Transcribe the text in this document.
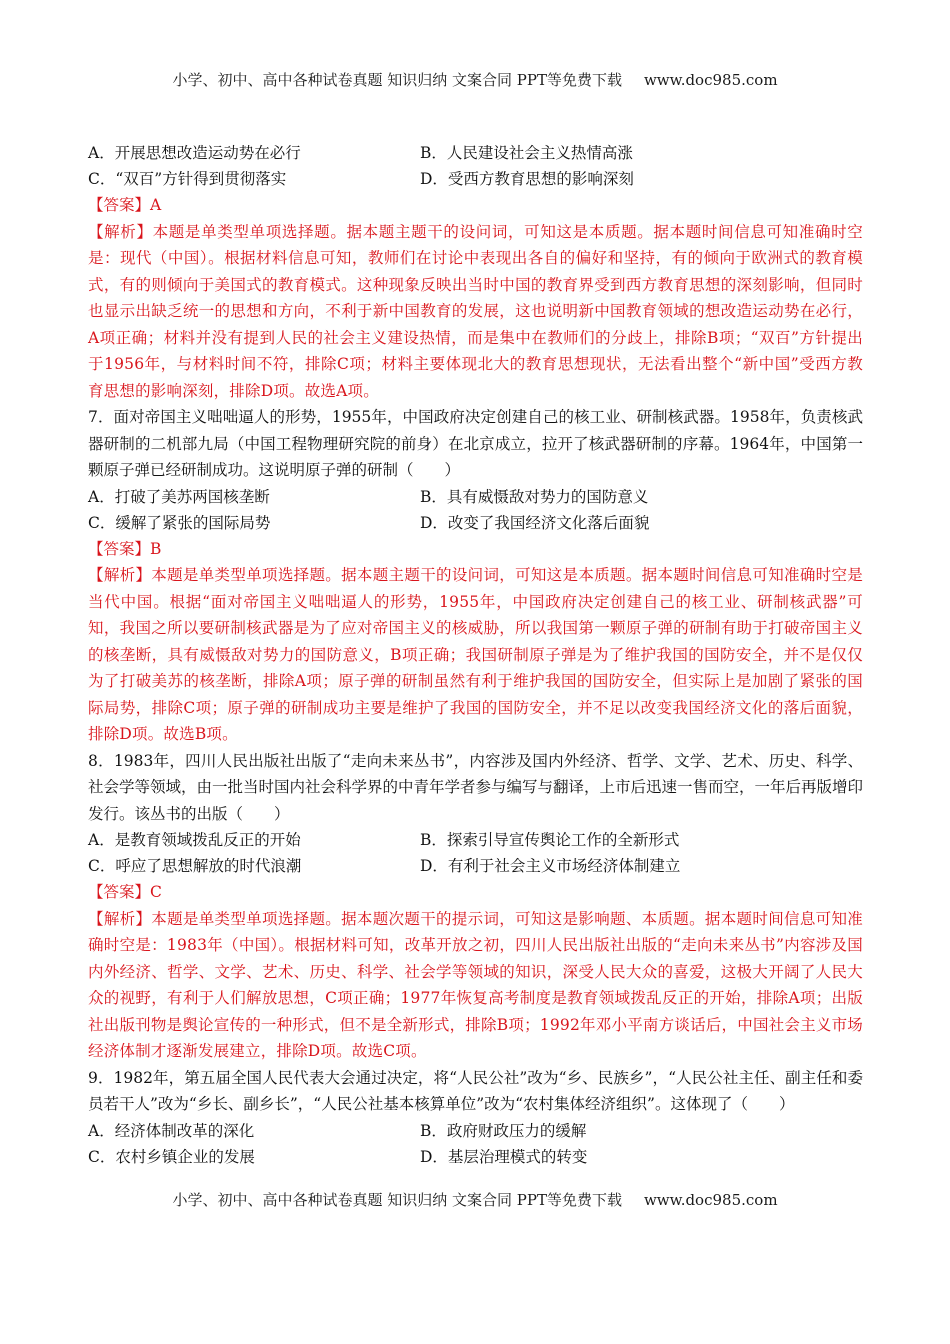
小学、初中、高中各种试卷真题 知识归纳 文案合同 PPT等免费下载 www.doc985.com
A．开展思想改造运动势在必行	B．人民建设社会主义热情高涨
C．“双百”方针得到贯彻落实	D．受西方教育思想的影响深刻
【答案】A
【解析】本题是单类型单项选择题。据本题主题干的设问词，可知这是本质题。据本题时间信息可知准确时空是：现代（中国）。根据材料信息可知，教师们在讨论中表现出各自的偏好和坚持，有的倾向于欧洲式的教育模式，有的则倾向于美国式的教育模式。这种现象反映出当时中国的教育界受到西方教育思想的深刻影响，但同时也显示出缺乏统一的思想和方向，不利于新中国教育的发展，这也说明新中国教育领域的想改造运动势在必行，A项正确；材料并没有提到人民的社会主义建设热情，而是集中在教师们的分歧上，排除B项；“双百”方针提出于1956年，与材料时间不符，排除C项；材料主要体现北大的教育思想现状，无法看出整个“新中国”受西方教育思想的影响深刻，排除D项。故选A项。
7．面对帝国主义咄咄逼人的形势，1955年，中国政府决定创建自己的核工业、研制核武器。1958年，负责核武器研制的二机部九局（中国工程物理研究院的前身）在北京成立，拉开了核武器研制的序幕。1964年，中国第一颗原子弹已经研制成功。这说明原子弹的研制（　　）
A．打破了美苏两国核垄断	B．具有威慑敌对势力的国防意义
C．缓解了紧张的国际局势	D．改变了我国经济文化落后面貌
【答案】B
【解析】本题是单类型单项选择题。据本题主题干的设问词，可知这是本质题。据本题时间信息可知准确时空是当代中国。根据“面对帝国主义咄咄逼人的形势，1955年，中国政府决定创建自己的核工业、研制核武器”可知，我国之所以要研制核武器是为了应对帝国主义的核威胁，所以我国第一颗原子弹的研制有助于打破帝国主义的核垄断，具有威慑敌对势力的国防意义，B项正确；我国研制原子弹是为了维护我国的国防安全，并不是仅仅为了打破美苏的核垄断，排除A项；原子弹的研制虽然有利于维护我国的国防安全，但实际上是加剧了紧张的国际局势，排除C项；原子弹的研制成功主要是维护了我国的国防安全，并不足以改变我国经济文化的落后面貌，排除D项。故选B项。
8．1983年，四川人民出版社出版了“走向未来丛书”，内容涉及国内外经济、哲学、文学、艺术、历史、科学、社会学等领域，由一批当时国内社会科学界的中青年学者参与编写与翻译，上市后迅速一售而空，一年后再版增印发行。该丛书的出版（　　）
A．是教育领域拨乱反正的开始	B．探索引导宣传舆论工作的全新形式
C．呼应了思想解放的时代浪潮	D．有利于社会主义市场经济体制建立
【答案】C
【解析】本题是单类型单项选择题。据本题次题干的提示词，可知这是影响题、本质题。据本题时间信息可知准确时空是：1983年（中国）。根据材料可知，改革开放之初，四川人民出版社出版的“走向未来丛书”内容涉及国内外经济、哲学、文学、艺术、历史、科学、社会学等领域的知识，深受人民大众的喜爱，这极大开阔了人民大众的视野，有利于人们解放思想，C项正确；1977年恢复高考制度是教育领域拨乱反正的开始，排除A项；出版社出版刊物是舆论宣传的一种形式，但不是全新形式，排除B项；1992年邓小平南方谈话后，中国社会主义市场经济体制才逐渐发展建立，排除D项。故选C项。
9．1982年，第五届全国人民代表大会通过决定，将“人民公社”改为“乡、民族乡”，“人民公社主任、副主任和委员若干人”改为“乡长、副乡长”，“人民公社基本核算单位”改为“农村集体经济组织”。这体现了（　　）
A．经济体制改革的深化	B．政府财政压力的缓解
C．农村乡镇企业的发展	D．基层治理模式的转变
小学、初中、高中各种试卷真题 知识归纳 文案合同 PPT等免费下载 www.doc985.com
